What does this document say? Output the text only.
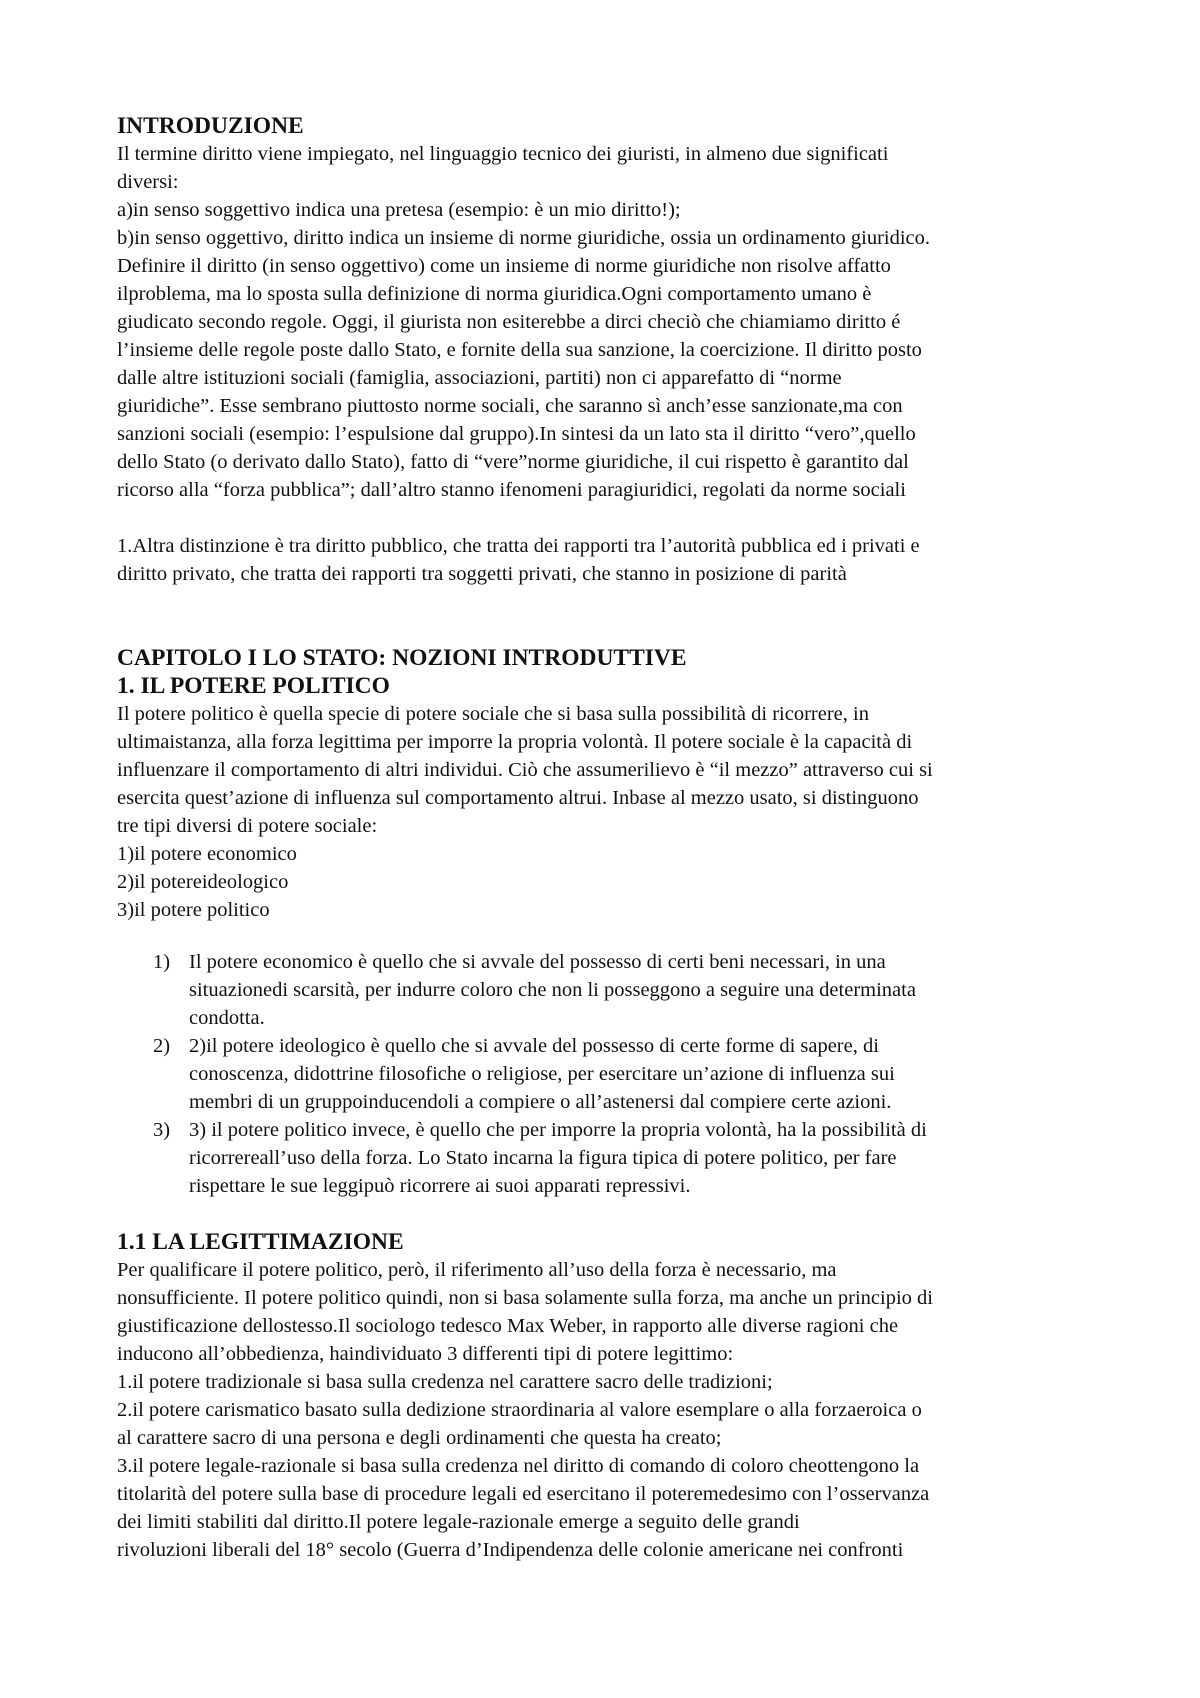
INTRODUZIONE
Il termine diritto viene impiegato, nel linguaggio tecnico dei giuristi, in almeno due significati
diversi:
a)in senso soggettivo indica una pretesa (esempio: è un mio diritto!);
b)in senso oggettivo, diritto indica un insieme di norme giuridiche, ossia un ordinamento giuridico.
Definire il diritto (in senso oggettivo) come un insieme di norme giuridiche non risolve affatto
ilproblema, ma lo sposta sulla definizione di norma giuridica.Ogni comportamento umano è
giudicato secondo regole. Oggi, il giurista non esiterebbe a dirci checiò che chiamiamo diritto é
l’insieme delle regole poste dallo Stato, e fornite della sua sanzione, la coercizione. Il diritto posto
dalle altre istituzioni sociali (famiglia, associazioni, partiti) non ci apparefatto di “norme
giuridiche”. Esse sembrano piuttosto norme sociali, che saranno sì anch’esse sanzionate,ma con
sanzioni sociali (esempio: l’espulsione dal gruppo).In sintesi da un lato sta il diritto “vero”,quello
dello Stato (o derivato dallo Stato), fatto di “vere”norme giuridiche, il cui rispetto è garantito dal
ricorso alla “forza pubblica”; dall’altro stanno ifenomeni paragiuridici, regolati da norme sociali
1.Altra distinzione è tra diritto pubblico, che tratta dei rapporti tra l’autorità pubblica ed i privati e
diritto privato, che tratta dei rapporti tra soggetti privati, che stanno in posizione di parità
CAPITOLO I LO STATO: NOZIONI INTRODUTTIVE
1. IL POTERE POLITICO
Il potere politico è quella specie di potere sociale che si basa sulla possibilità di ricorrere, in
ultimaistanza, alla forza legittima per imporre la propria volontà. Il potere sociale è la capacità di
influenzare il comportamento di altri individui. Ciò che assumerilievo è “il mezzo” attraverso cui si
esercita quest’azione di influenza sul comportamento altrui. Inbase al mezzo usato, si distinguono
tre tipi diversi di potere sociale:
1)il potere economico
2)il potereideologico
3)il potere politico
1) Il potere economico è quello che si avvale del possesso di certi beni necessari, in una
situazionedi scarsità, per indurre coloro che non li posseggono a seguire una determinata
condotta.
2) 2)il potere ideologico è quello che si avvale del possesso di certe forme di sapere, di
conoscenza, didottrine filosofiche o religiose, per esercitare un’azione di influenza sui
membri di un gruppoinducendoli a compiere o all’astenersi dal compiere certe azioni.
3) 3) il potere politico invece, è quello che per imporre la propria volontà, ha la possibilità di
ricorrereall’uso della forza. Lo Stato incarna la figura tipica di potere politico, per fare
rispettare le sue leggipuò ricorrere ai suoi apparati repressivi.
1.1 LA LEGITTIMAZIONE
Per qualificare il potere politico, però, il riferimento all’uso della forza è necessario, ma
nonsufficiente. Il potere politico quindi, non si basa solamente sulla forza, ma anche un principio di
giustificazione dellostesso.Il sociologo tedesco Max Weber, in rapporto alle diverse ragioni che
inducono all’obbedienza, haindividuato 3 differenti tipi di potere legittimo:
1.il potere tradizionale si basa sulla credenza nel carattere sacro delle tradizioni;
2.il potere carismatico basato sulla dedizione straordinaria al valore esemplare o alla forzaeroica o
al carattere sacro di una persona e degli ordinamenti che questa ha creato;
3.il potere legale-razionale si basa sulla credenza nel diritto di comando di coloro cheottengono la
titolarità del potere sulla base di procedure legali ed esercitano il poteremedesimo con l’osservanza
dei limiti stabiliti dal diritto.Il potere legale-razionale emerge a seguito delle grandi
rivoluzioni liberali del 18° secolo (Guerra d’Indipendenza delle colonie americane nei confronti
